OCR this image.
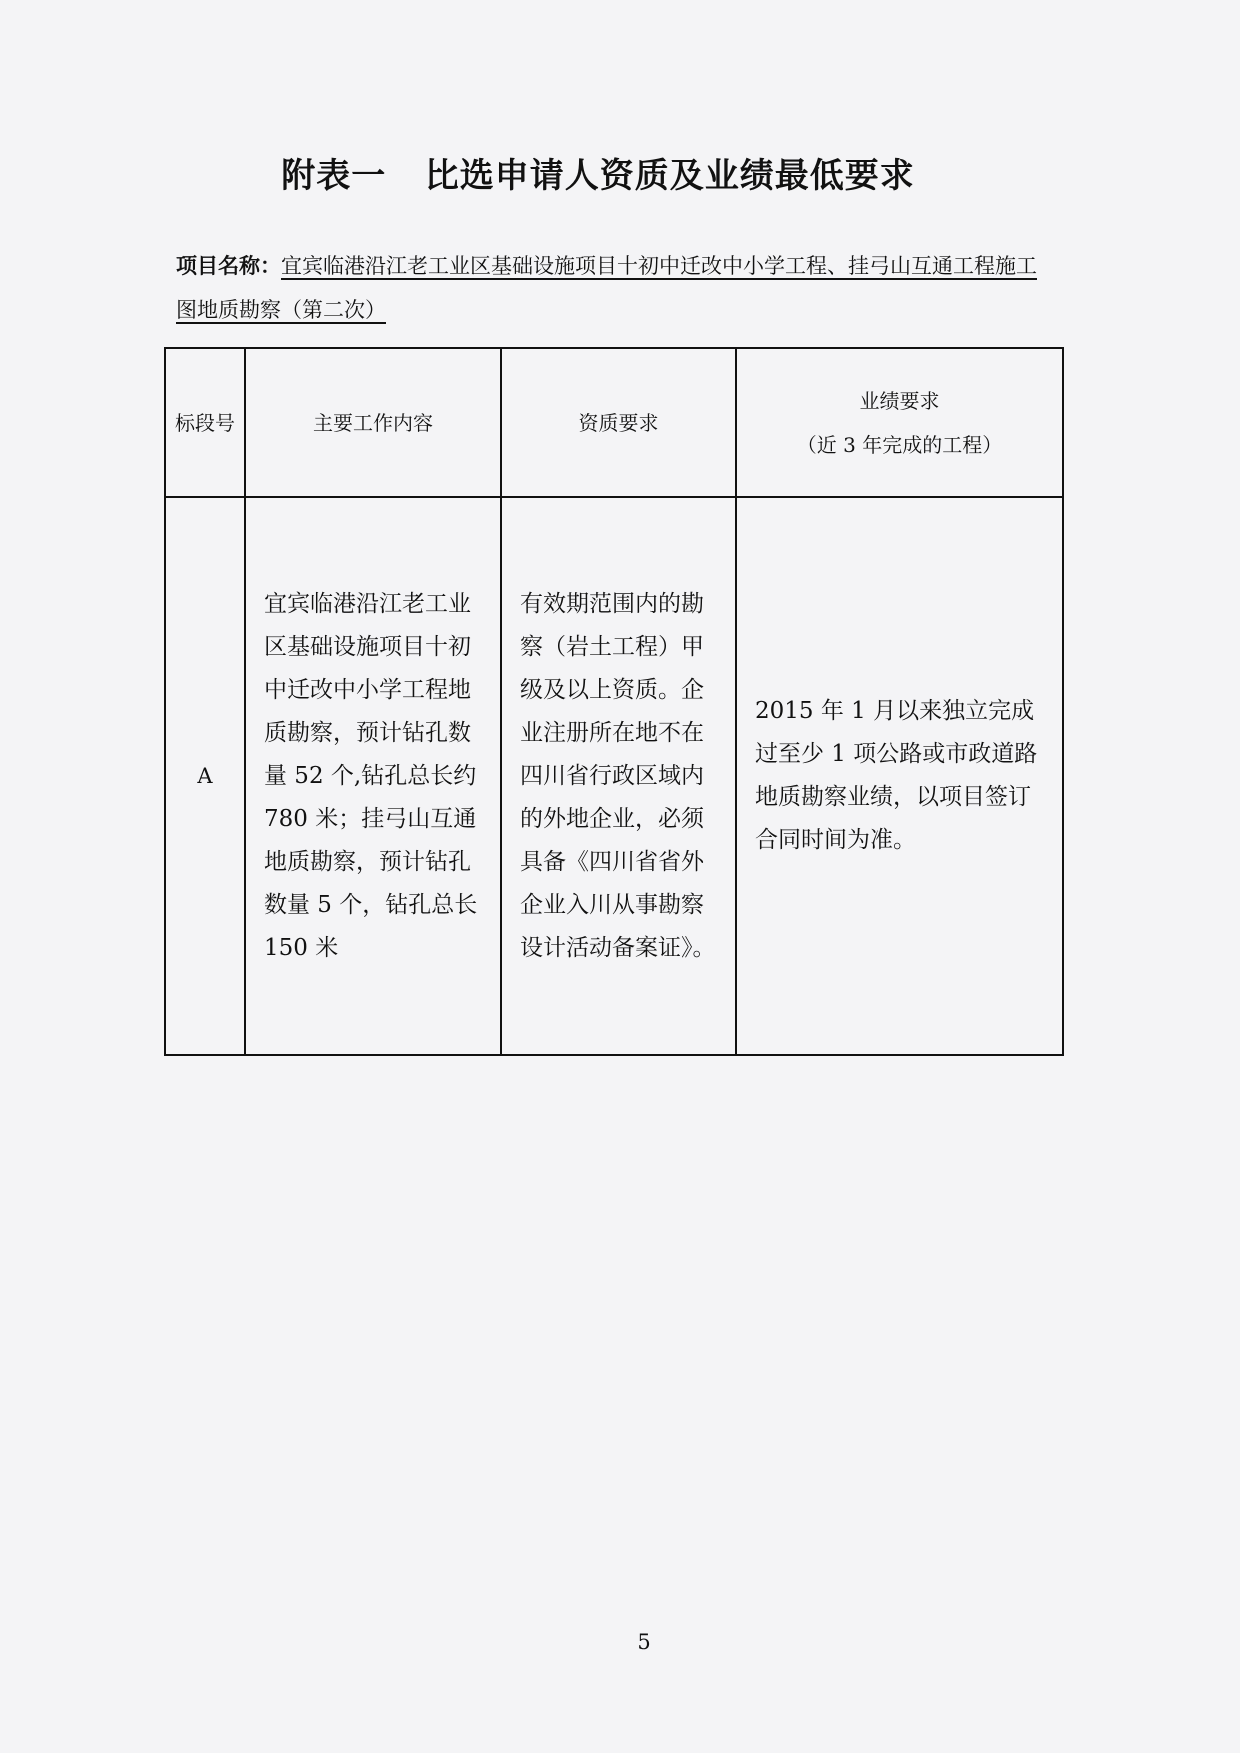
附表一   比选申请人资质及业绩最低要求
项目名称：宜宾临港沿江老工业区基础设施项目十初中迁改中小学工程、挂弓山互通工程施工图地质勘察（第二次）
标段号	主要工作内容	资质要求	业绩要求
（近 3 年完成的工程）

A	宜宾临港沿江老工业区基础设施项目十初中迁改中小学工程地质勘察，预计钻孔数量 52 个,钻孔总长约 780 米；挂弓山互通地质勘察，预计钻孔数量 5 个，钻孔总长 150 米	有效期范围内的勘察（岩土工程）甲级及以上资质。企业注册所在地不在四川省行政区域内的外地企业，必须具备《四川省省外企业入川从事勘察设计活动备案证》。	2015 年 1 月以来独立完成过至少 1 项公路或市政道路地质勘察业绩，以项目签订合同时间为准。
5
